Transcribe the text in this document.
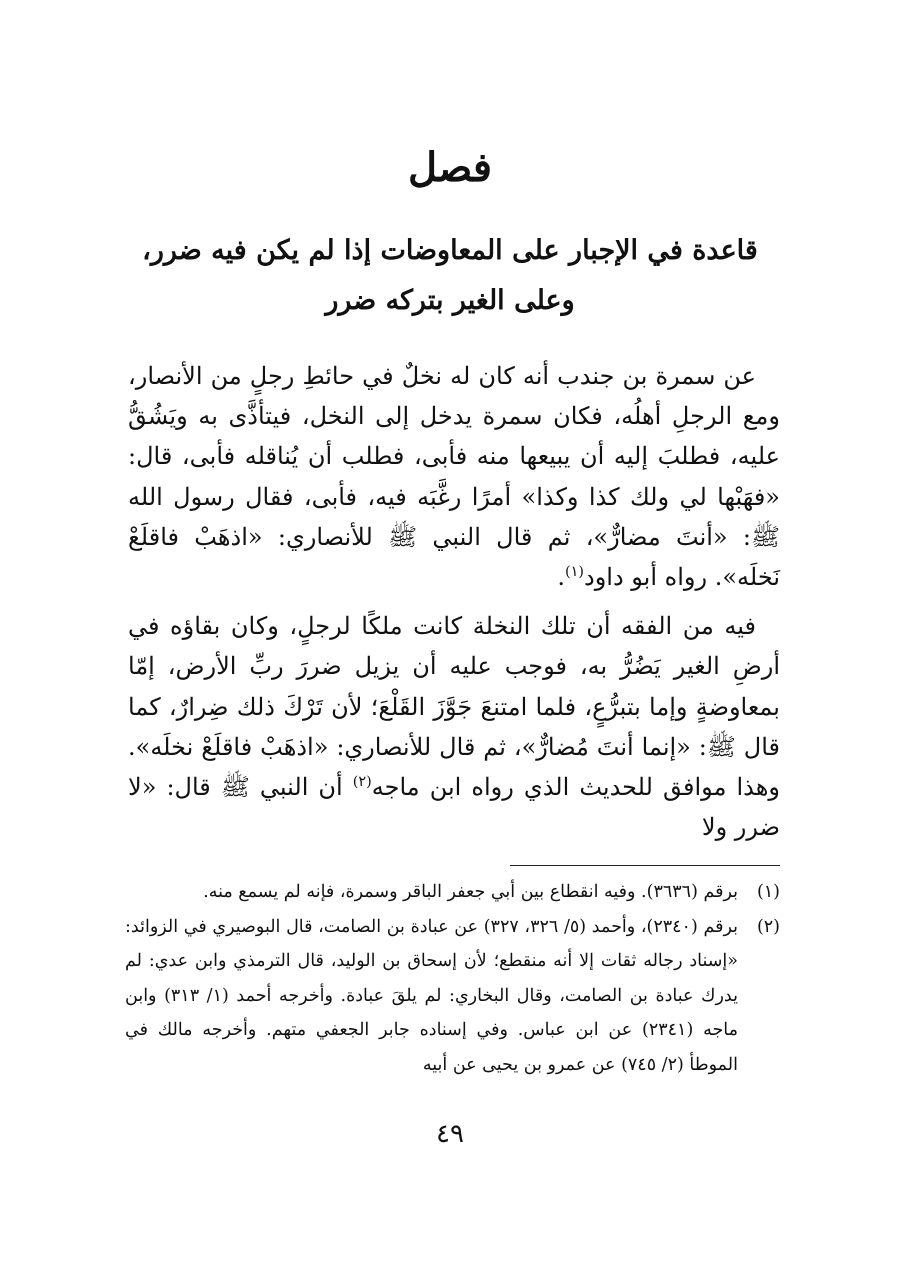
فصل
قاعدة في الإجبار على المعاوضات إذا لم يكن فيه ضرر،
وعلى الغير بتركه ضرر

عن سمرة بن جندب أنه كان له نخلٌ في حائطِ رجلٍ من الأنصار، ومع الرجلِ أهلُه، فكان سمرة يدخل إلى النخل، فيتأذَّى به ويَشُقُّ عليه، فطلبَ إليه أن يبيعها منه فأبى، فطلب أن يُناقله فأبى، قال: «فهَبْها لي ولك كذا وكذا» أمرًا رغَّبَه فيه، فأبى، فقال رسول الله ﷺ: «أنتَ مضارٌّ»، ثم قال النبي ﷺ للأنصاري: «اذهَبْ فاقلَعْ نَخلَه». رواه أبو داود$^{(١)}$.

فيه من الفقه أن تلك النخلة كانت ملكًا لرجلٍ، وكان بقاؤه في أرضِ الغير يَضُرُّ به، فوجب عليه أن يزيل ضررَ ربِّ الأرض، إمّا بمعاوضةٍ وإما بتبرُّعٍ، فلما امتنعَ جَوَّزَ القَلْعَ؛ لأن تَرْكَ ذلك ضِرارٌ، كما قال ﷺ: «إنما أنتَ مُضارٌّ»، ثم قال للأنصاري: «اذهَبْ فاقلَعْ نخلَه». وهذا موافق للحديث الذي رواه ابن ماجه$^{(٢)}$ أن النبي ﷺ قال: «لا ضرر ولا

(١)برقم (٣٦٣٦). وفيه انقطاع بين أبي جعفر الباقر وسمرة، فإنه لم يسمع منه.

(٢)برقم (٢٣٤٠)، وأحمد (٥/ ٣٢٦، ٣٢٧) عن عبادة بن الصامت، قال البوصيري في الزوائد: «إسناد رجاله ثقات إلا أنه منقطع؛ لأن إسحاق بن الوليد، قال الترمذي وابن عدي: لم يدرك عبادة بن الصامت، وقال البخاري: لم يلقَ عبادة. وأخرجه أحمد (١/ ٣١٣) وابن ماجه (٢٣٤١) عن ابن عباس. وفي إسناده جابر الجعفي متهم. وأخرجه مالك في الموطأ (٢/ ٧٤٥) عن عمرو بن يحيى عن أبيه

٤٩
